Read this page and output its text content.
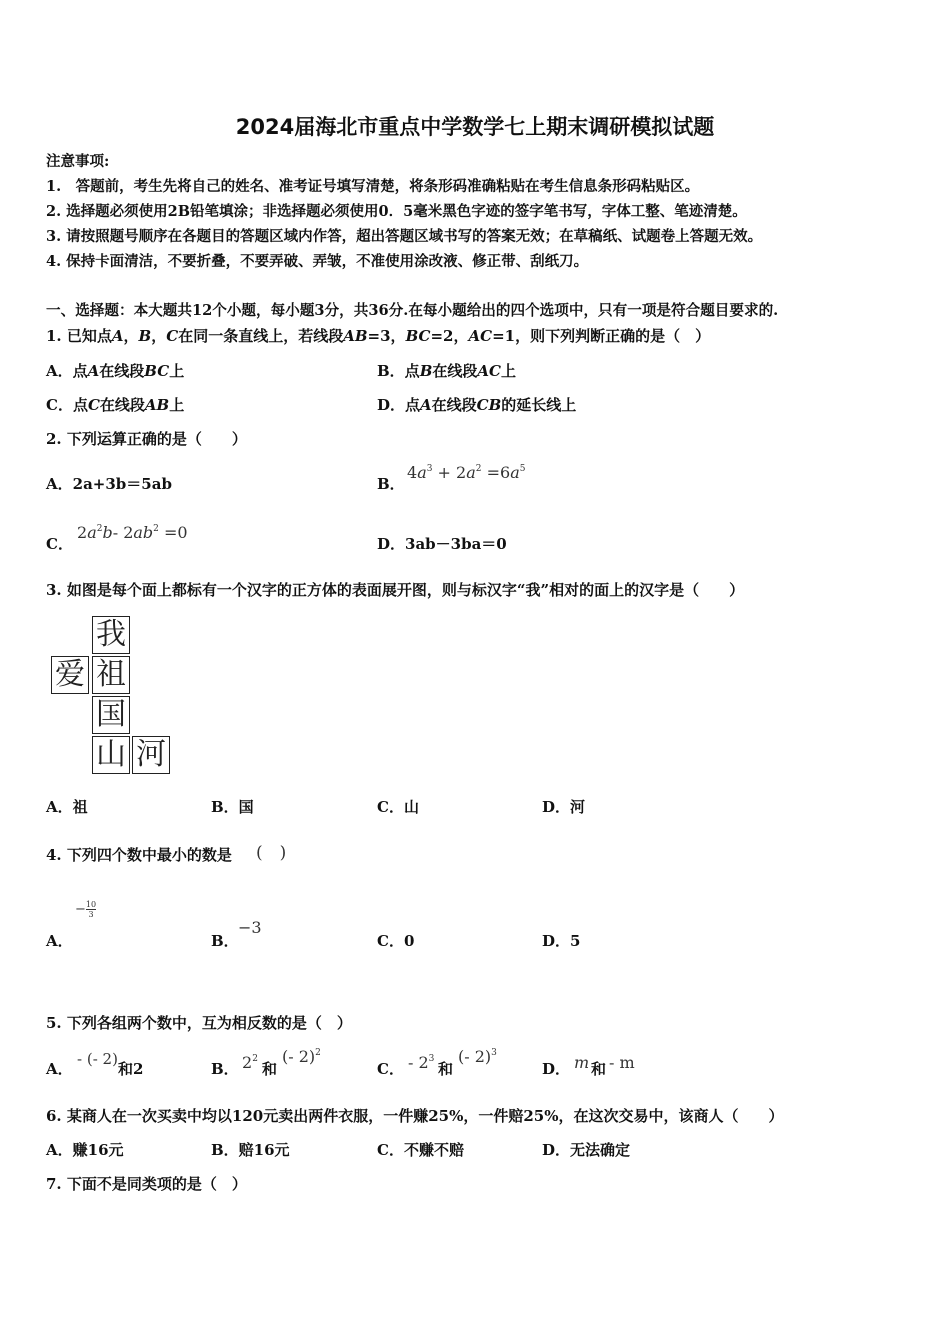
2024届海北市重点中学数学七上期末调研模拟试题
注意事项:
1.　答题前，考生先将自己的姓名、准考证号填写清楚，将条形码准确粘贴在考生信息条形码粘贴区。
2. 选择题必须使用2B铅笔填涂；非选择题必须使用0．5毫米黑色字迹的签字笔书写，字体工整、笔迹清楚。
3. 请按照题号顺序在各题目的答题区域内作答，超出答题区域书写的答案无效；在草稿纸、试题卷上答题无效。
4. 保持卡面清洁，不要折叠，不要弄破、弄皱，不准使用涂改液、修正带、刮纸刀。
一、选择题：本大题共12个小题，每小题3分，共36分.在每小题给出的四个选项中，只有一项是符合题目要求的.
1. 已知点A，B，C在同一条直线上，若线段AB=3，BC=2，AC=1，则下列判断正确的是（　）
A．点A在线段BC上	B．点B在线段AC上
C．点C在线段AB上	D．点A在线段CB的延长线上
2. 下列运算正确的是（　　）
A．2a+3b＝5ab	B．
$4a^3 + 2a^2 =6a^5$
C．
$2a^2b-$ $2ab^2 =0$
D．3ab－3ba＝0
3. 如图是每个面上都标有一个汉字的正方体的表面展开图，则与标汉字“我”相对的面上的汉字是（　　）
我
爱 祖
国
山 河
A．祖	B．国	C．山	D．河
4. 下列四个数中最小的数是 (　)
A．
− $\frac{10}{3}$
B．
−3
C．0	D．5
5. 下列各组两个数中，互为相反数的是（　）
A．
- (- 2)
和2	B． $2^2$
和
(- 2)$^2$
C． - $2^3$
和
(- 2)$^3$
D． m 和 - m
6. 某商人在一次买卖中均以120元卖出两件衣服，一件赚25%，一件赔25%，在这次交易中，该商人（　　）
A．赚16元	B．赔16元	C．不赚不赔	D．无法确定
7. 下面不是同类项的是（　）
